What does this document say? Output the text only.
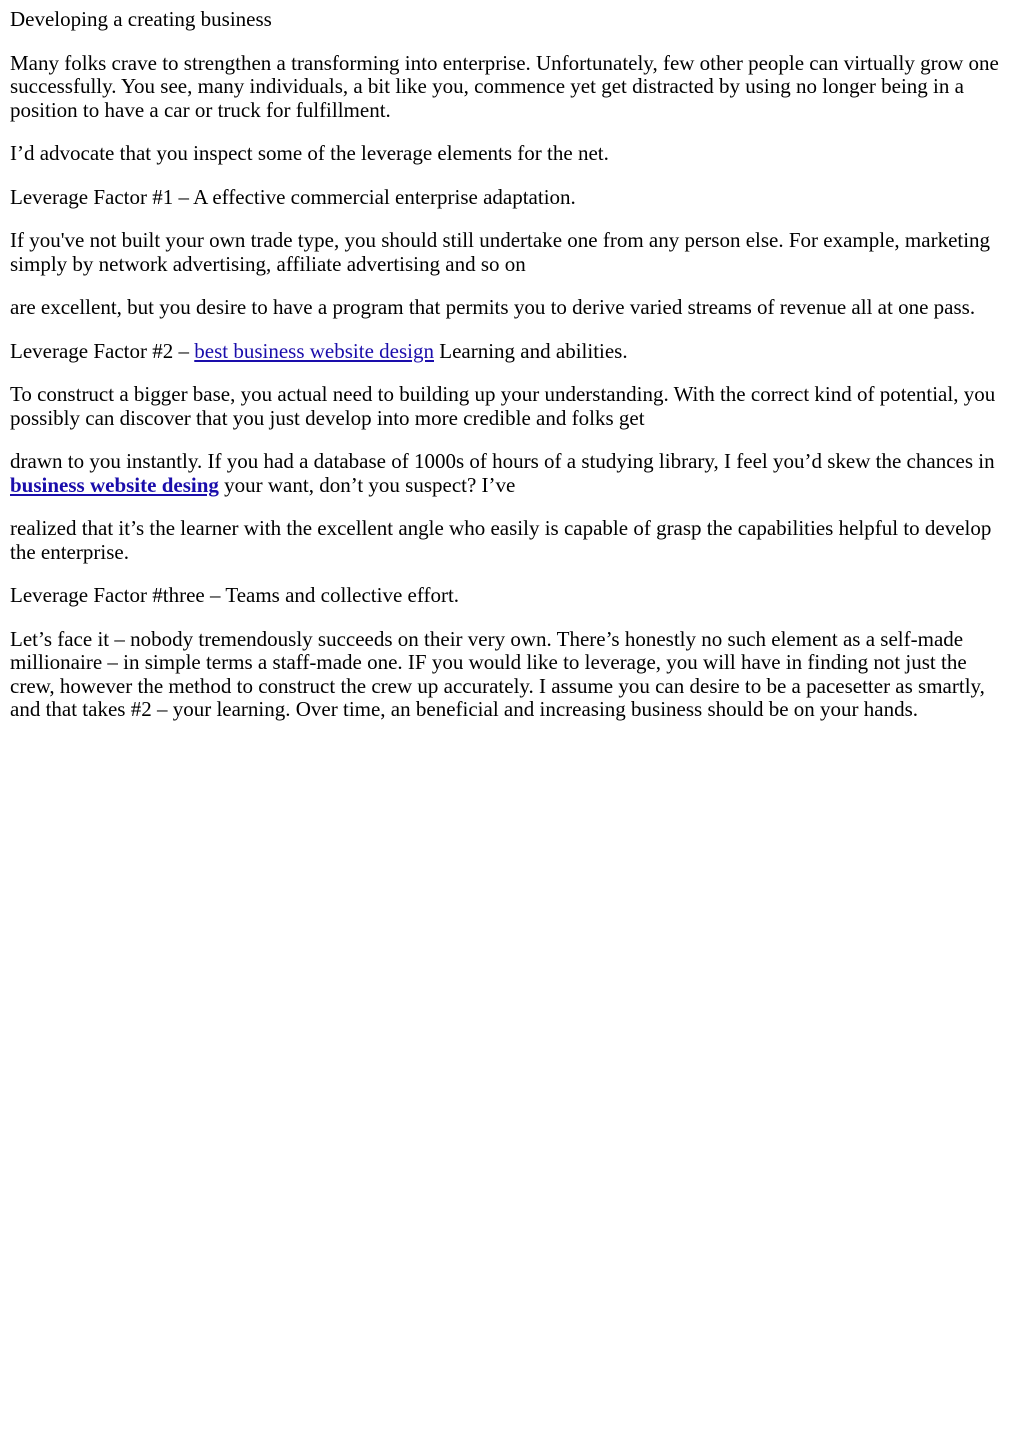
Developing a creating business

Many folks crave to strengthen a transforming into enterprise. Unfortunately, few other people can virtually grow one successfully. You see, many individuals, a bit like you, commence yet get distracted by using no longer being in a position to have a car or truck for fulfillment.

I’d advocate that you inspect some of the leverage elements for the net.

Leverage Factor #1 – A effective commercial enterprise adaptation.

If you've not built your own trade type, you should still undertake one from any person else. For example, marketing simply by network advertising, affiliate advertising and so on

are excellent, but you desire to have a program that permits you to derive varied streams of revenue all at one pass.

Leverage Factor #2 – best business website design Learning and abilities.

To construct a bigger base, you actual need to building up your understanding. With the correct kind of potential, you possibly can discover that you just develop into more credible and folks get

drawn to you instantly. If you had a database of 1000s of hours of a studying library, I feel you’d skew the chances in business website desing your want, don’t you suspect? I’ve

realized that it’s the learner with the excellent angle who easily is capable of grasp the capabilities helpful to develop the enterprise.

Leverage Factor #three – Teams and collective effort.

Let’s face it – nobody tremendously succeeds on their very own. There’s honestly no such element as a self-made millionaire – in simple terms a staff-made one. IF you would like to leverage, you will have in finding not just the crew, however the method to construct the crew up accurately. I assume you can desire to be a pacesetter as smartly, and that takes #2 – your learning. Over time, an beneficial and increasing business should be on your hands.
